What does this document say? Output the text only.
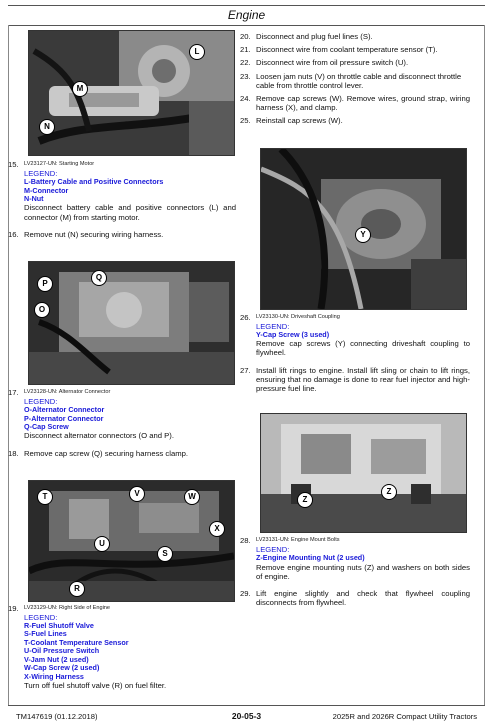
Engine
L
M
N
15. LV23127-UN: Starting Motor
LEGEND:
L-Battery Cable and Positive Connectors
M-Connector
N-Nut
Disconnect battery cable and positive connectors (L) and connector (M) from starting motor.
16. Remove nut (N) securing wiring harness.
O
P
Q
17. LV23128-UN: Alternator Connector
LEGEND:
O-Alternator Connector
P-Alternator Connector
Q-Cap Screw
Disconnect alternator connectors (O and P).
18. Remove cap screw (Q) securing harness clamp.
R
S
T
U
V	W
X
19. LV23129-UN: Right Side of Engine
LEGEND:
R-Fuel Shutoff Valve
S-Fuel Lines
T-Coolant Temperature Sensor
U-Oil Pressure Switch
V-Jam Nut (2 used)
W-Cap Screw (2 used)
X-Wiring Harness
Turn off fuel shutoff valve (R) on fuel filter.
20. Disconnect and plug fuel lines (S).
21. Disconnect wire from coolant temperature sensor (T).
22. Disconnect wire from oil pressure switch (U).
23. Loosen jam nuts (V) on throttle cable and disconnect throttle cable from throttle control lever.
24. Remove cap screws (W). Remove wires, ground strap, wiring harness (X), and clamp.
25. Reinstall cap screws (W).
Y
26. LV23130-UN: Driveshaft Coupling
LEGEND:
Y-Cap Screw (3 used)
Remove cap screws (Y) connecting driveshaft coupling to flywheel.
27. Install lift rings to engine. Install lift sling or chain to lift rings, ensuring that no damage is done to rear fuel injector and high-pressure fuel line.
Z
Z
28. LV23131-UN: Engine Mount Bolts
LEGEND:
Z-Engine Mounting Nut (2 used)
Remove engine mounting nuts (Z) and washers on both sides of engine.
29. Lift engine slightly and check that flywheel coupling disconnects from flywheel.
TM147619 (01.12.2018)	20-05-3	2025R and 2026R Compact Utility Tractors
